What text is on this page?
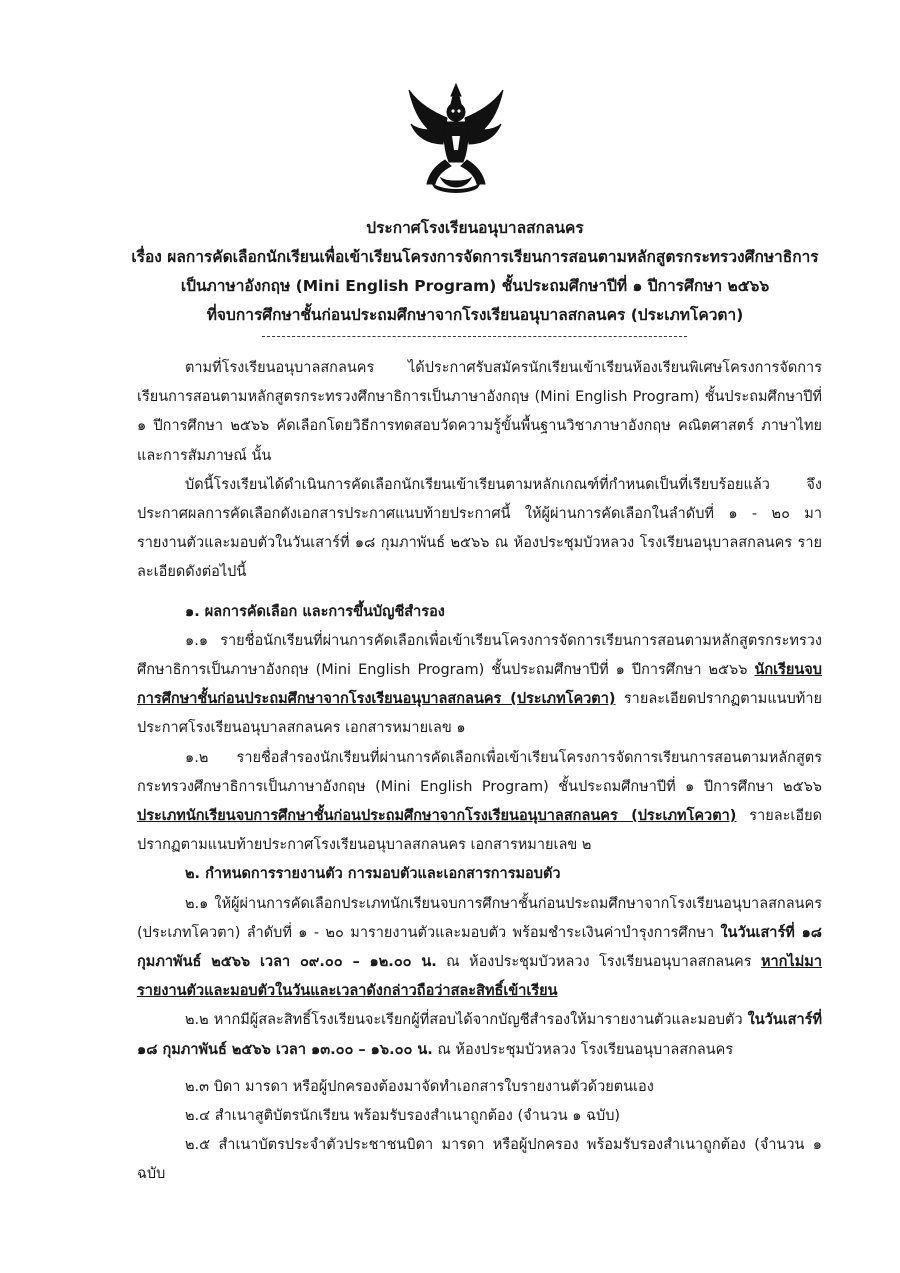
ประกาศโรงเรียนอนุบาลสกลนคร
เรื่อง ผลการคัดเลือกนักเรียนเพื่อเข้าเรียนโครงการจัดการเรียนการสอนตามหลักสูตรกระทรวงศึกษาธิการ
เป็นภาษาอังกฤษ (Mini English Program) ชั้นประถมศึกษาปีที่ ๑ ปีการศึกษา ๒๕๖๖
ที่จบการศึกษาชั้นก่อนประถมศึกษาจากโรงเรียนอนุบาลสกลนคร (ประเภทโควตา)

ตามที่โรงเรียนอนุบาลสกลนคร ได้ประกาศรับสมัครนักเรียนเข้าเรียนห้องเรียนพิเศษโครงการจัดการเรียนการสอนตามหลักสูตรกระทรวงศึกษาธิการเป็นภาษาอังกฤษ (Mini English Program) ชั้นประถมศึกษาปีที่ ๑ ปีการศึกษา ๒๕๖๖ คัดเลือกโดยวิธีการทดสอบวัดความรู้ขั้นพื้นฐานวิชาภาษาอังกฤษ คณิตศาสตร์ ภาษาไทย และการสัมภาษณ์ นั้น

บัดนี้โรงเรียนได้ดำเนินการคัดเลือกนักเรียนเข้าเรียนตามหลักเกณฑ์ที่กำหนดเป็นที่เรียบร้อยแล้ว จึงประกาศผลการคัดเลือกดังเอกสารประกาศแนบท้ายประกาศนี้ ให้ผู้ผ่านการคัดเลือกในลำดับที่ ๑ - ๒๐ มารายงานตัวและมอบตัวในวันเสาร์ที่ ๑๘ กุมภาพันธ์ ๒๕๖๖ ณ ห้องประชุมบัวหลวง โรงเรียนอนุบาลสกลนคร รายละเอียดดังต่อไปนี้

๑. ผลการคัดเลือก และการขึ้นบัญชีสำรอง

๑.๑ รายชื่อนักเรียนที่ผ่านการคัดเลือกเพื่อเข้าเรียนโครงการจัดการเรียนการสอนตามหลักสูตรกระทรวงศึกษาธิการเป็นภาษาอังกฤษ (Mini English Program) ชั้นประถมศึกษาปีที่ ๑ ปีการศึกษา ๒๕๖๖ นักเรียนจบการศึกษาชั้นก่อนประถมศึกษาจากโรงเรียนอนุบาลสกลนคร (ประเภทโควตา) รายละเอียดปรากฏตามแนบท้ายประกาศโรงเรียนอนุบาลสกลนคร เอกสารหมายเลข ๑

๑.๒ รายชื่อสำรองนักเรียนที่ผ่านการคัดเลือกเพื่อเข้าเรียนโครงการจัดการเรียนการสอนตามหลักสูตรกระทรวงศึกษาธิการเป็นภาษาอังกฤษ (Mini English Program) ชั้นประถมศึกษาปีที่ ๑ ปีการศึกษา ๒๕๖๖ ประเภทนักเรียนจบการศึกษาชั้นก่อนประถมศึกษาจากโรงเรียนอนุบาลสกลนคร (ประเภทโควตา) รายละเอียดปรากฏตามแนบท้ายประกาศโรงเรียนอนุบาลสกลนคร เอกสารหมายเลข ๒

๒. กำหนดการรายงานตัว การมอบตัวและเอกสารการมอบตัว

๒.๑ ให้ผู้ผ่านการคัดเลือกประเภทนักเรียนจบการศึกษาชั้นก่อนประถมศึกษาจากโรงเรียนอนุบาลสกลนคร (ประเภทโควตา) ลำดับที่ ๑ - ๒๐ มารายงานตัวและมอบตัว พร้อมชำระเงินค่าบำรุงการศึกษา ในวันเสาร์ที่ ๑๘ กุมภาพันธ์ ๒๕๖๖ เวลา ๐๙.๐๐ – ๑๒.๐๐ น. ณ ห้องประชุมบัวหลวง โรงเรียนอนุบาลสกลนคร หากไม่มารายงานตัวและมอบตัวในวันและเวลาดังกล่าวถือว่าสละสิทธิ์เข้าเรียน

๒.๒ หากมีผู้สละสิทธิ์โรงเรียนจะเรียกผู้ที่สอบได้จากบัญชีสำรองให้มารายงานตัวและมอบตัว ในวันเสาร์ที่ ๑๘ กุมภาพันธ์ ๒๕๖๖ เวลา ๑๓.๐๐ – ๑๖.๐๐ น. ณ ห้องประชุมบัวหลวง โรงเรียนอนุบาลสกลนคร

๒.๓ บิดา มารดา หรือผู้ปกครองต้องมาจัดทำเอกสารใบรายงานตัวด้วยตนเอง

๒.๔ สำเนาสูติบัตรนักเรียน พร้อมรับรองสำเนาถูกต้อง (จำนวน ๑ ฉบับ)

๒.๕ สำเนาบัตรประจำตัวประชาชนบิดา มารดา หรือผู้ปกครอง พร้อมรับรองสำเนาถูกต้อง (จำนวน ๑ ฉบับ
